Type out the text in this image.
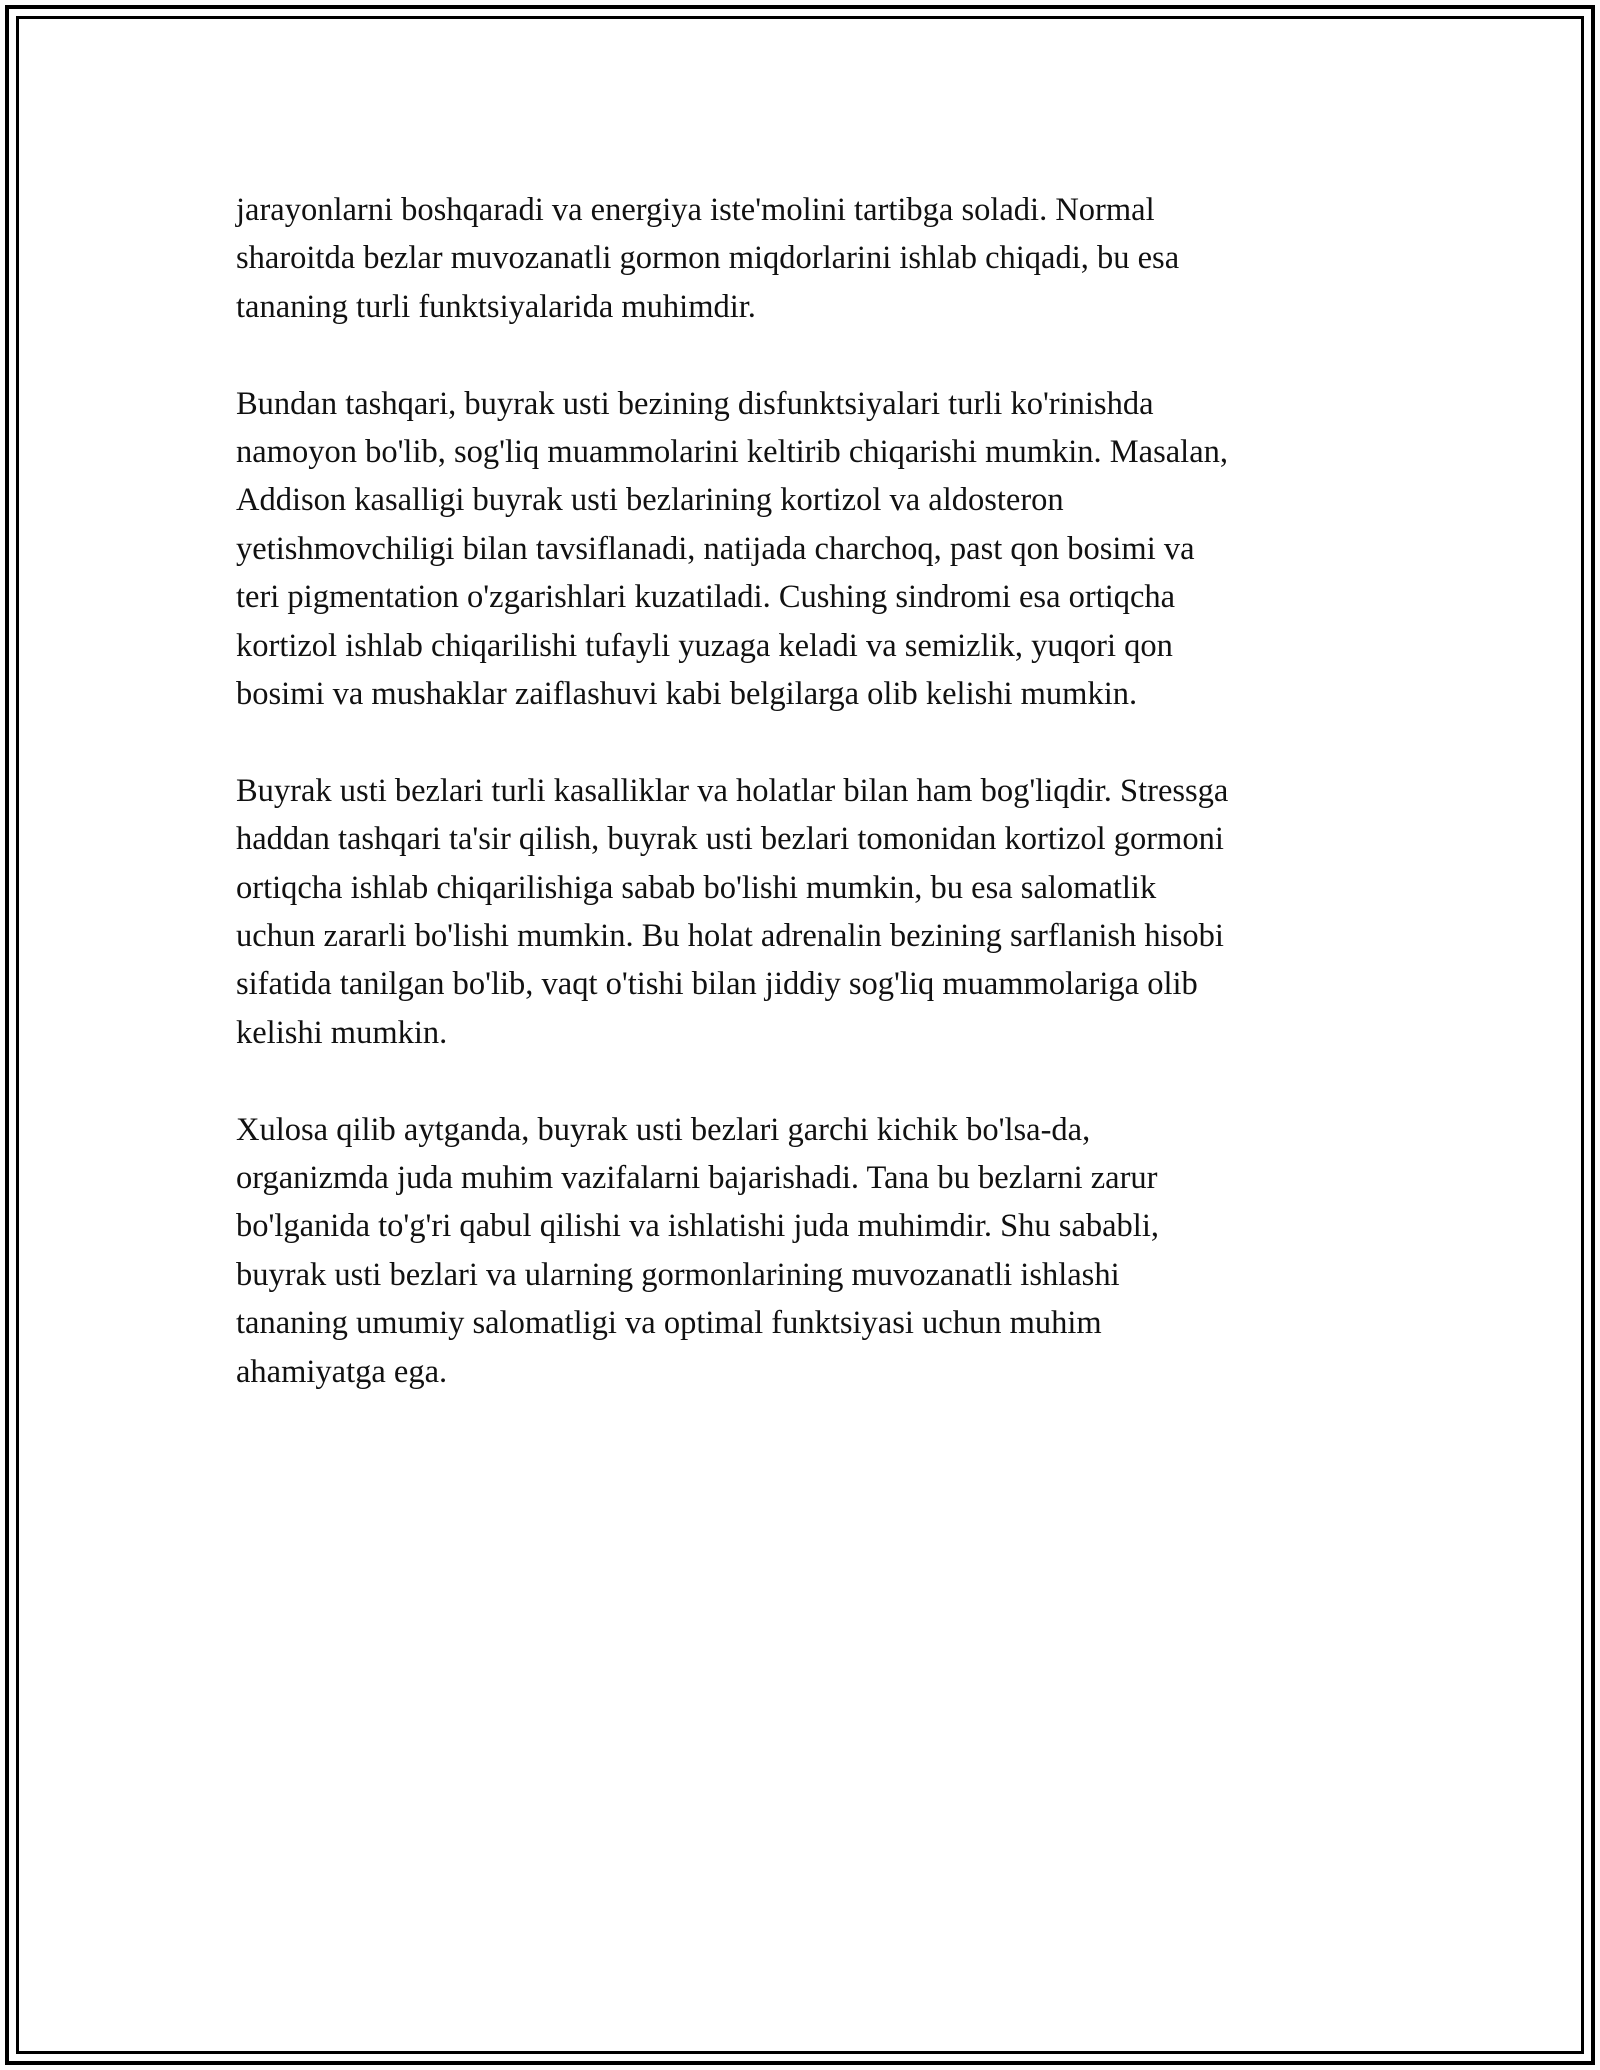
jarayonlarni boshqaradi va energiya iste'molini tartibga soladi. Normal
sharoitda bezlar muvozanatli gormon miqdorlarini ishlab chiqadi, bu esa
tananing turli funktsiyalarida muhimdir.

Bundan tashqari, buyrak usti bezining disfunktsiyalari turli ko'rinishda
namoyon bo'lib, sog'liq muammolarini keltirib chiqarishi mumkin. Masalan,
Addison kasalligi buyrak usti bezlarining kortizol va aldosteron
yetishmovchiligi bilan tavsiflanadi, natijada charchoq, past qon bosimi va
teri pigmentation o'zgarishlari kuzatiladi. Cushing sindromi esa ortiqcha
kortizol ishlab chiqarilishi tufayli yuzaga keladi va semizlik, yuqori qon
bosimi va mushaklar zaiflashuvi kabi belgilarga olib kelishi mumkin.

Buyrak usti bezlari turli kasalliklar va holatlar bilan ham bog'liqdir. Stressga
haddan tashqari ta'sir qilish, buyrak usti bezlari tomonidan kortizol gormoni
ortiqcha ishlab chiqarilishiga sabab bo'lishi mumkin, bu esa salomatlik
uchun zararli bo'lishi mumkin. Bu holat adrenalin bezining sarflanish hisobi
sifatida tanilgan bo'lib, vaqt o'tishi bilan jiddiy sog'liq muammolariga olib
kelishi mumkin.

Xulosa qilib aytganda, buyrak usti bezlari garchi kichik bo'lsa-da,
organizmda juda muhim vazifalarni bajarishadi. Tana bu bezlarni zarur
bo'lganida to'g'ri qabul qilishi va ishlatishi juda muhimdir. Shu sababli,
buyrak usti bezlari va ularning gormonlarining muvozanatli ishlashi
tananing umumiy salomatligi va optimal funktsiyasi uchun muhim
ahamiyatga ega.
